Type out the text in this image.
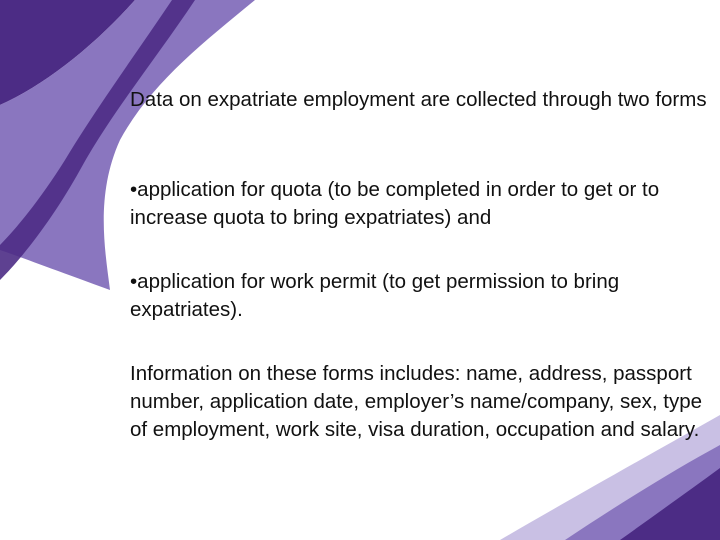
Data on expatriate employment are collected through two forms

•application for quota (to be completed in order to get or to increase quota to bring expatriates) and

•application for work permit (to get permission to bring expatriates).

Information on these forms includes: name, address, passport number, application date, employer’s name/company, sex, type of employment, work site, visa duration, occupation and salary.
